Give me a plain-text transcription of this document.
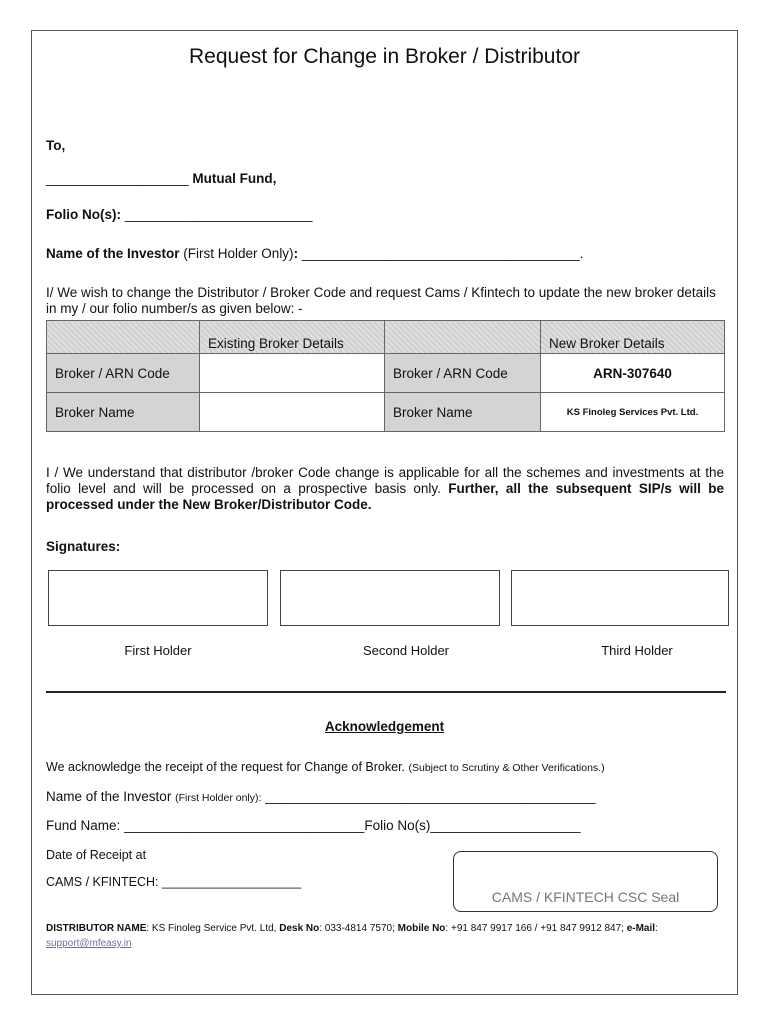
Request for Change in Broker / Distributor
To,
___________________ Mutual Fund,
Folio No(s): _________________________
Name of the Investor (First Holder Only): _____________________________________.
I/ We wish to change the Distributor / Broker Code and request Cams / Kfintech to update the new broker details in my / our folio number/s as given below: -
	Existing Broker Details		New Broker Details
Broker / ARN Code		Broker / ARN Code	ARN-307640
Broker Name		Broker Name	KS Finoleg Services Pvt. Ltd.
I / We understand that distributor /broker Code change is applicable for all the schemes and investments at the folio level and will be processed on a prospective basis only. Further, all the subsequent SIP/s will be processed under the New Broker/Distributor Code.
Signatures:
First Holder	Second Holder	Third Holder
Acknowledgement
We acknowledge the receipt of the request for Change of Broker. (Subject to Scrutiny & Other Verifications.)
Name of the Investor (First Holder only): ____________________________________________
Fund Name: ________________________________Folio No(s)____________________
Date of Receipt at
CAMS / KFINTECH: ____________________
CAMS / KFINTECH CSC Seal
DISTRIBUTOR NAME: KS Finoleg Service Pvt. Ltd, Desk No: 033-4814 7570; Mobile No: +91 847 9917 166 / +91 847 9912 847; e-Mail: support@mfeasy.in
